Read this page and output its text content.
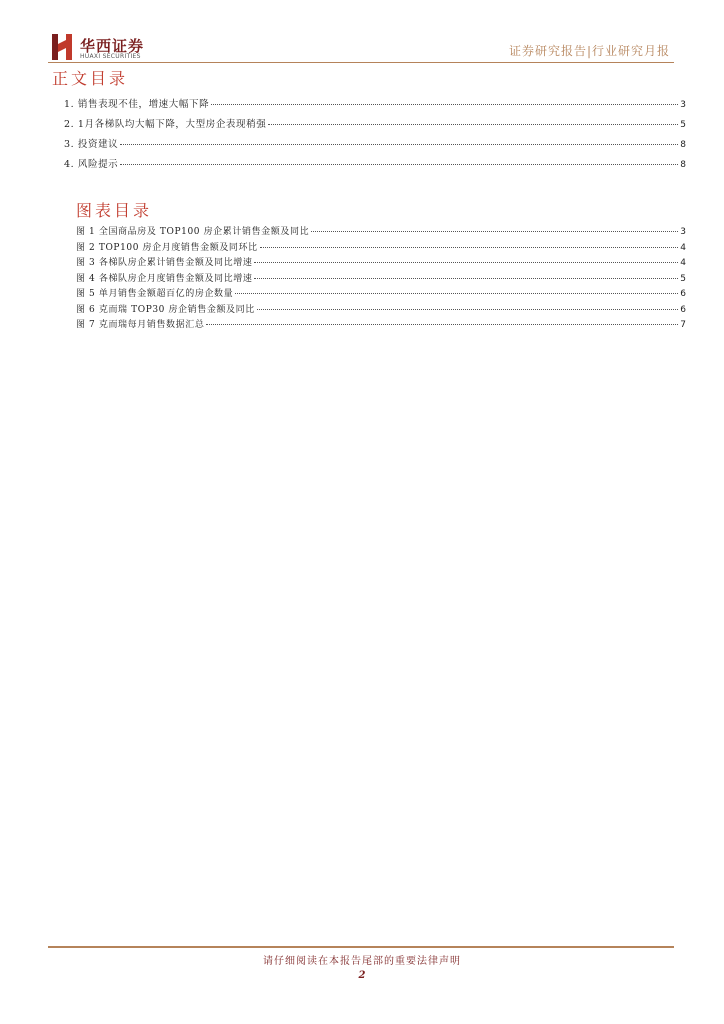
华西证券
HUAXI SECURITIES	证券研究报告|行业研究月报
正文目录
1. 销售表现不佳，增速大幅下降	3
2. 1月各梯队均大幅下降，大型房企表现稍强	5
3. 投资建议	8
4. 风险提示	8
图表目录
图 1 全国商品房及 TOP100 房企累计销售金额及同比	3
图 2 TOP100 房企月度销售金额及同环比	4
图 3 各梯队房企累计销售金额及同比增速	4
图 4 各梯队房企月度销售金额及同比增速	5
图 5 单月销售金额超百亿的房企数量	6
图 6 克而瑞 TOP30 房企销售金额及同比	6
图 7 克而瑞每月销售数据汇总	7
请仔细阅读在本报告尾部的重要法律声明
2
